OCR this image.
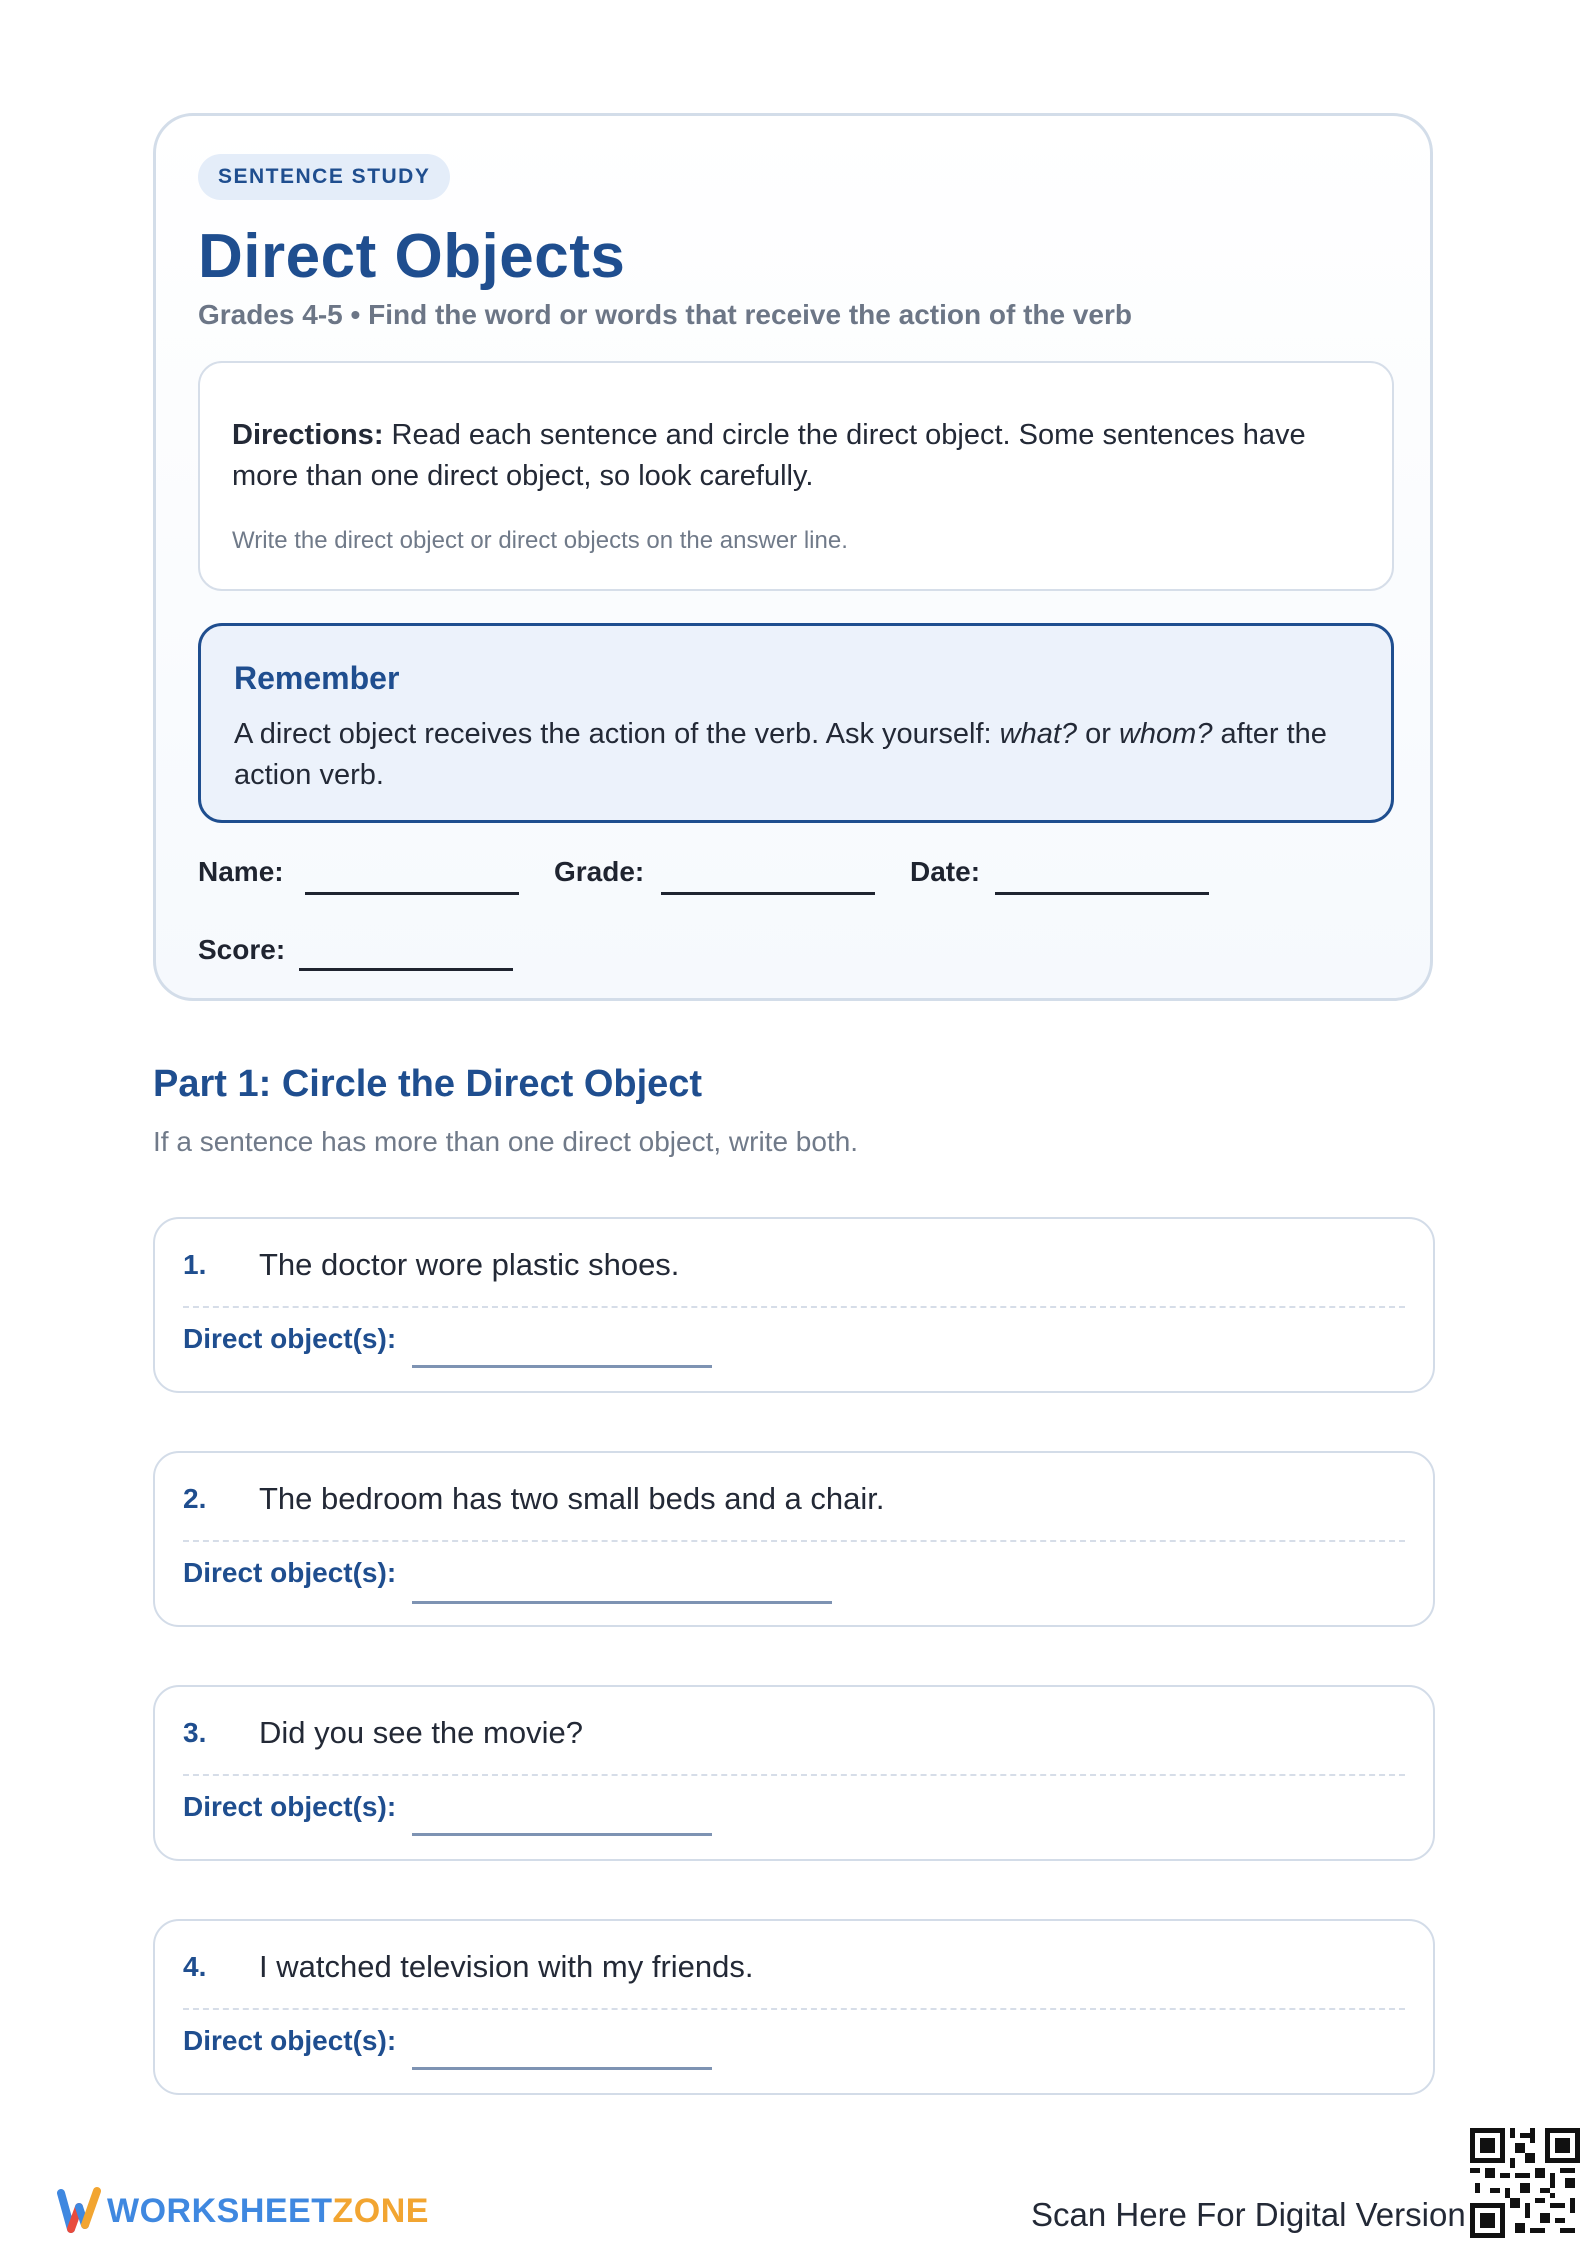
SENTENCE STUDY
Direct Objects
Grades 4-5 • Find the word or words that receive the action of the verb
Directions: Read each sentence and circle the direct object. Some sentences have more than one direct object, so look carefully.
Write the direct object or direct objects on the answer line.
Remember
A direct object receives the action of the verb. Ask yourself: what? or whom? after the action verb.
Name:	Grade:	Date:
Score:
Part 1: Circle the Direct Object
If a sentence has more than one direct object, write both.
1. The doctor wore plastic shoes.
Direct object(s):
2. The bedroom has two small beds and a chair.
Direct object(s):
3. Did you see the movie?
Direct object(s):
4. I watched television with my friends.
Direct object(s):
WORKSHEETZONE	Scan Here For Digital Version
